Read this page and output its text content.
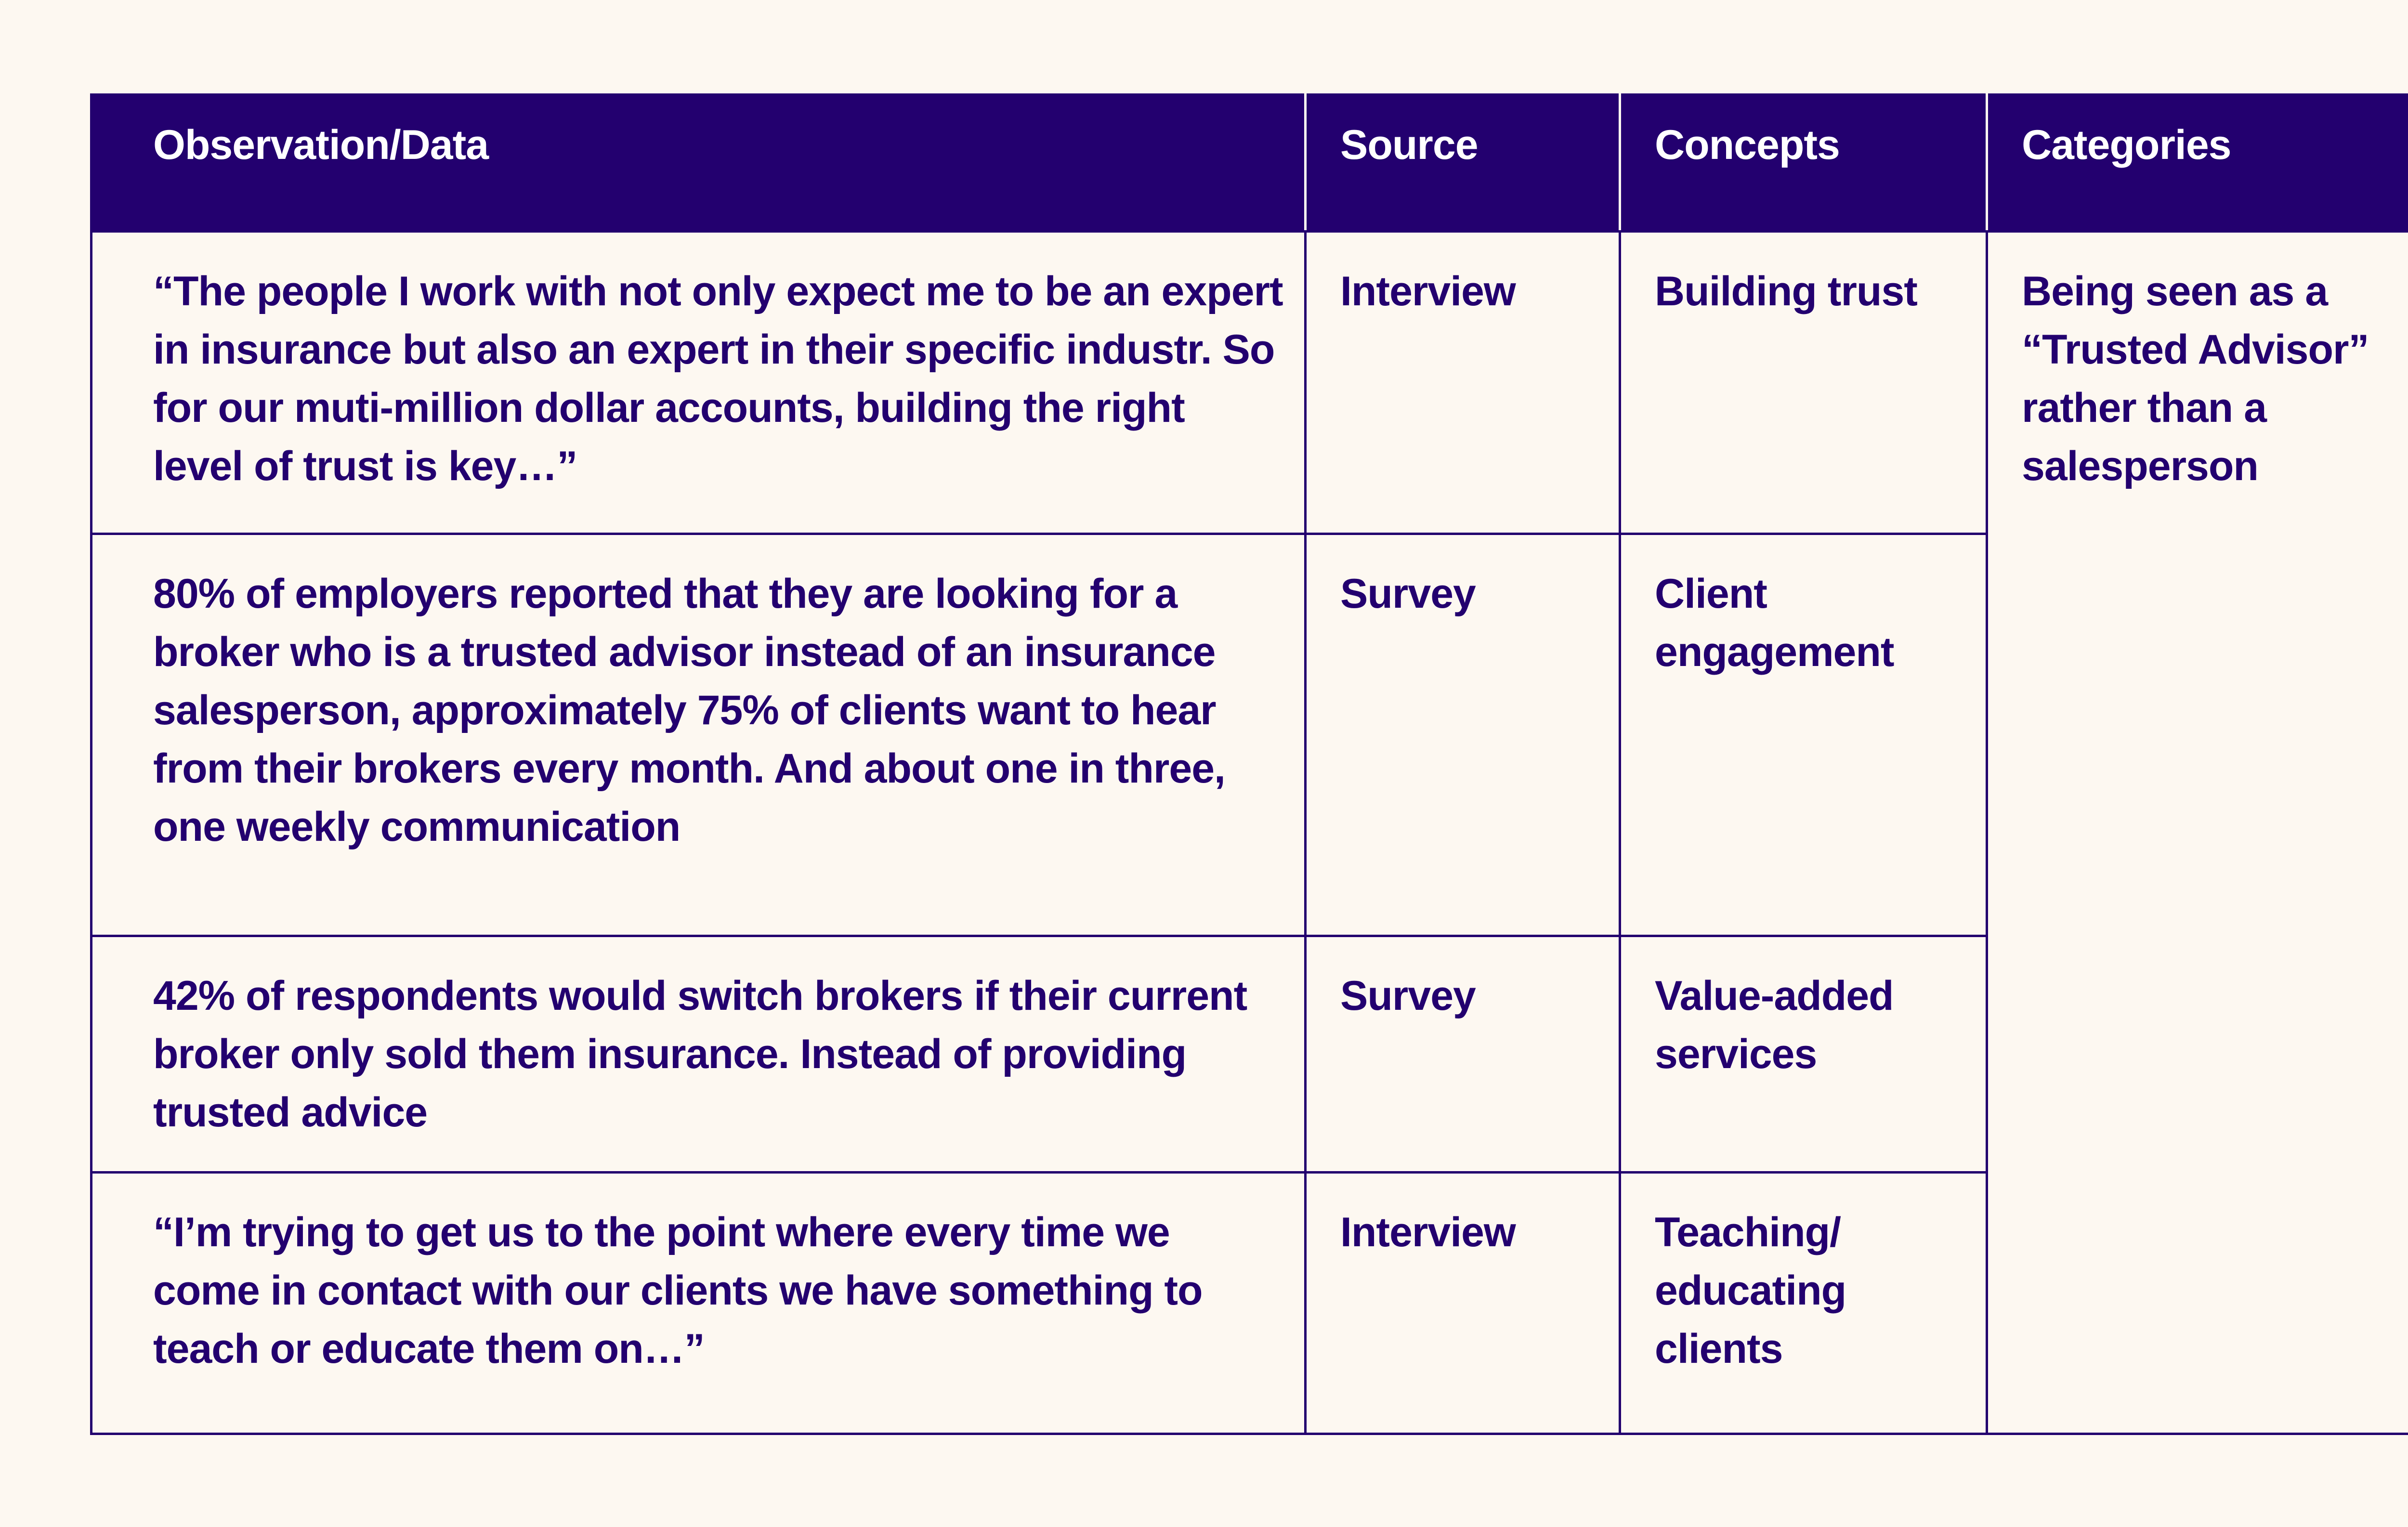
Observation/Data	Source	Concepts	Categories
“The people I work with not only expect me to be an expert in insurance but also an expert in their specific industr. So for our muti-million dollar accounts, building the right level of trust is key…”	Interview	Building trust	Being seen as a “Trusted Advisor” rather than a salesperson
80% of employers reported that they are looking for a broker who is a trusted advisor instead of an insurance salesperson, approximately 75% of clients want to hear from their brokers every month. And about one in three, one weekly communication	Survey	Client engagement	
42% of respondents would switch brokers if their current broker only sold them insurance. Instead of providing trusted advice	Survey	Value-added services	
“I’m trying to get us to the point where every time we come in contact with our clients we have something to teach or educate them on…”	Interview	Teaching/ educating clients	
